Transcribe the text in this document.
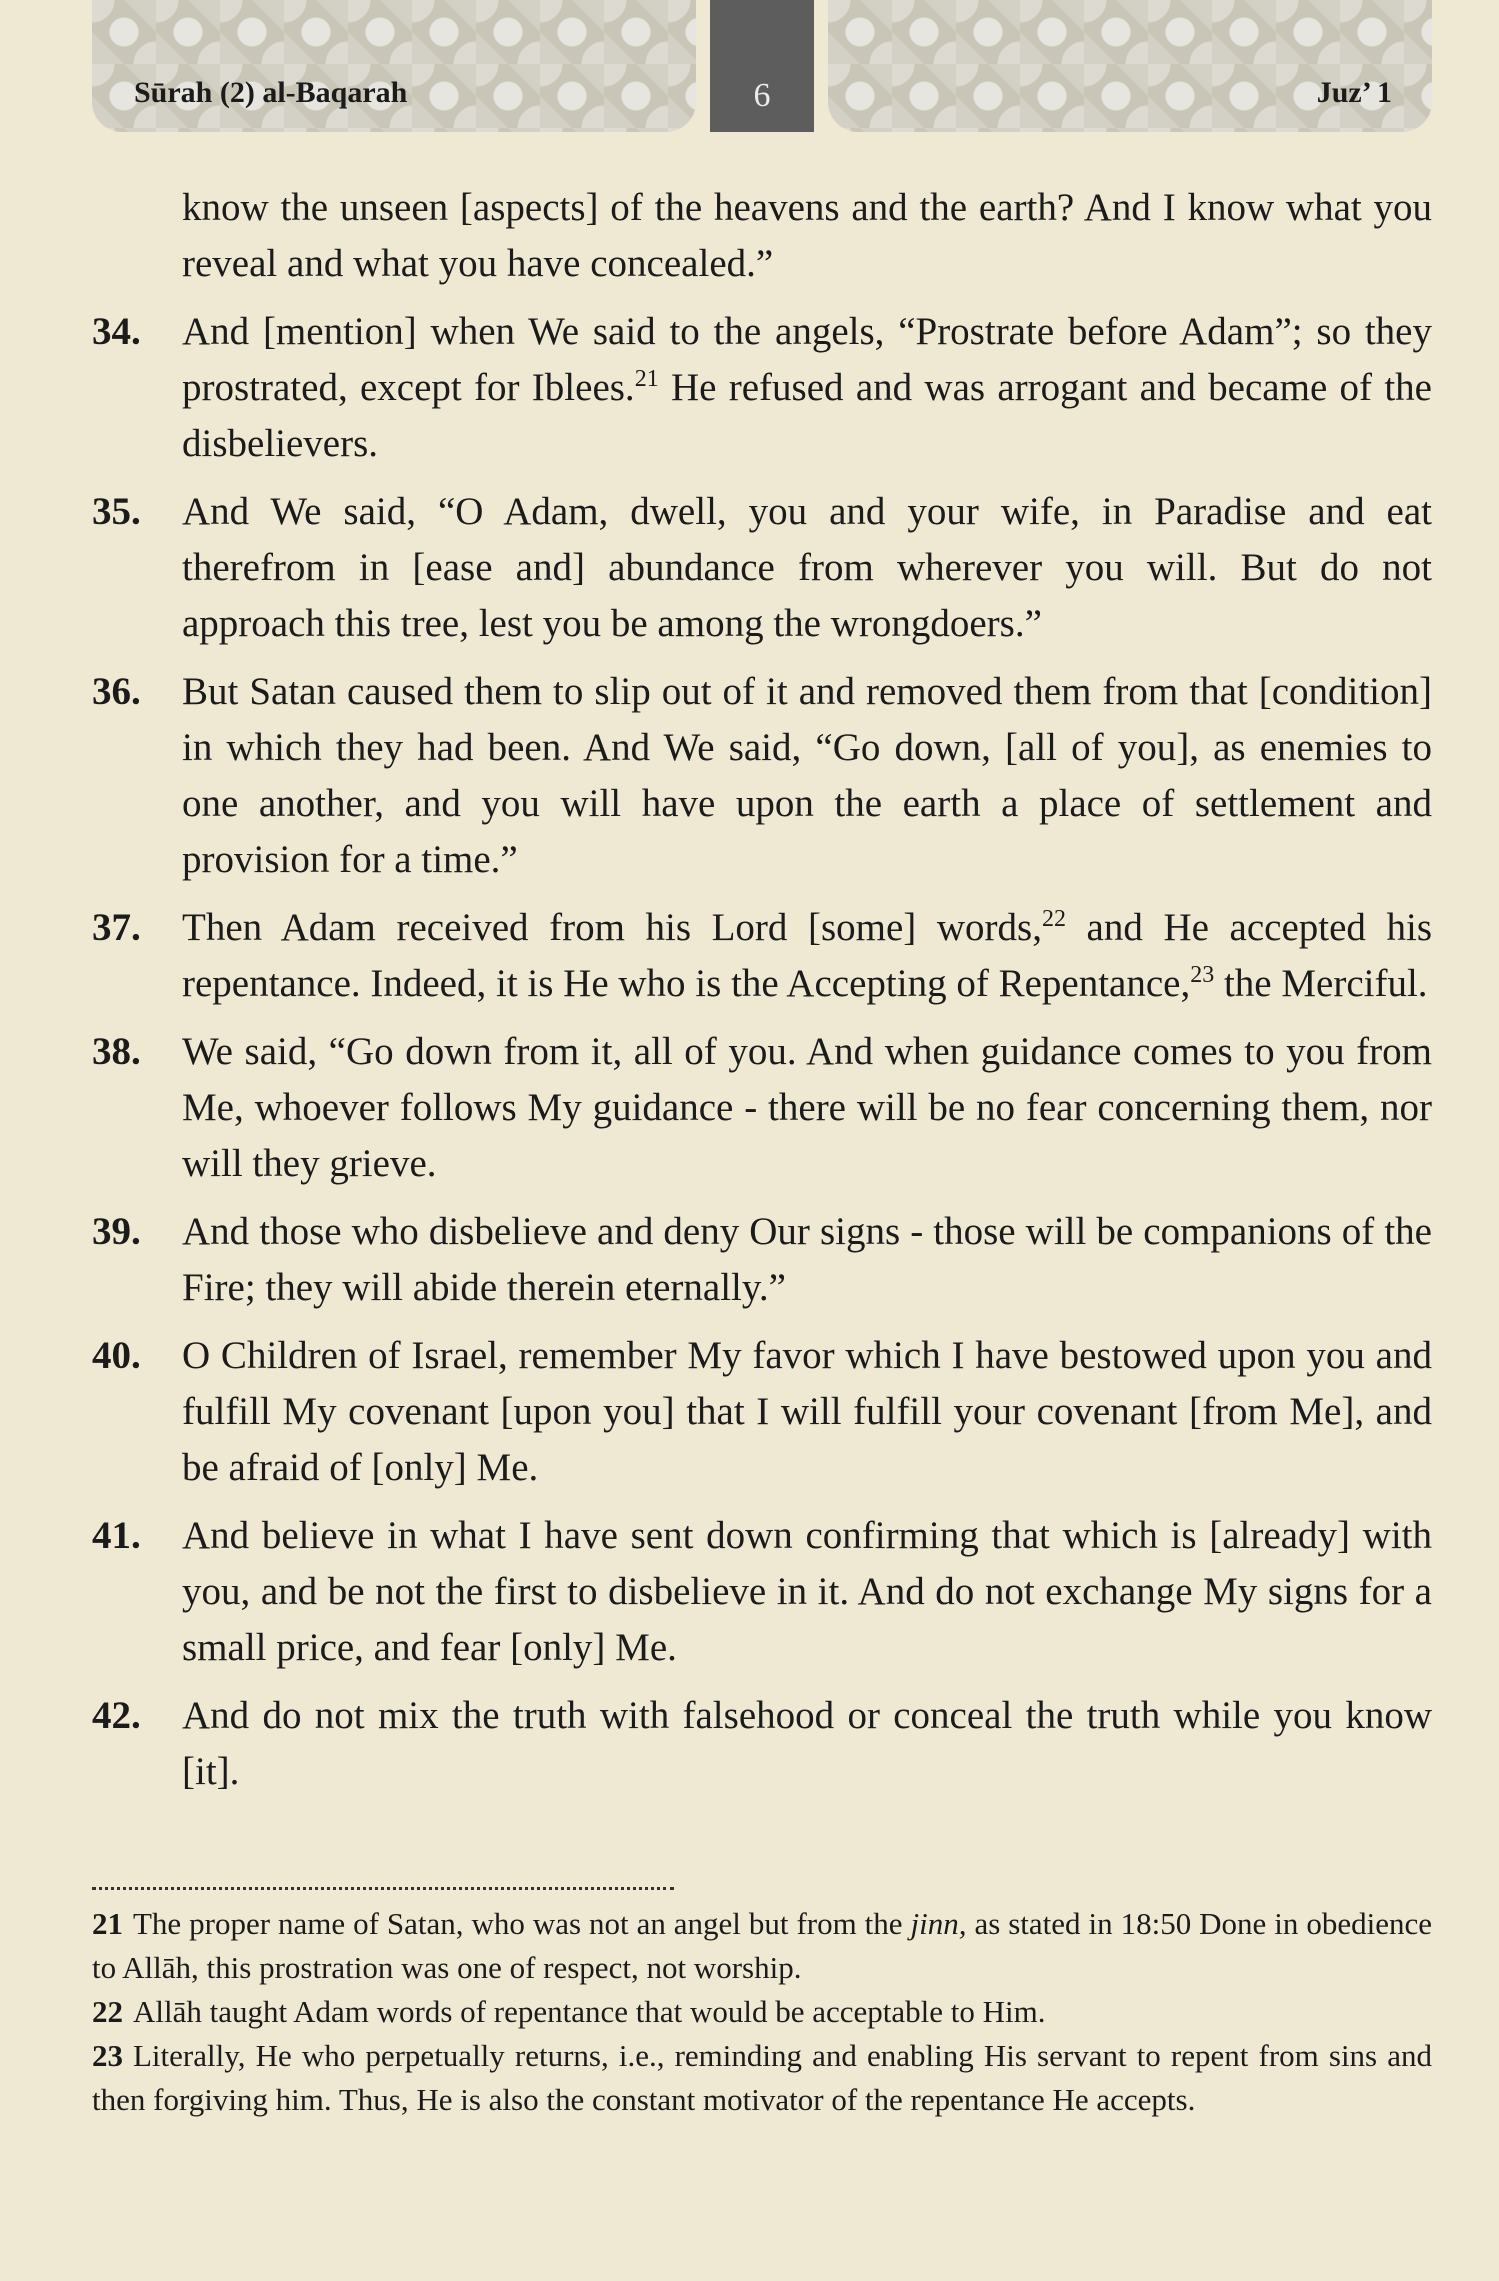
Sūrah (2) al-Baqarah	6	Juz’ 1
know the unseen [aspects] of the heavens and the earth? And I know what you reveal and what you have concealed.”
34. And [mention] when We said to the angels, “Prostrate before Adam”; so they prostrated, except for Iblees.$^{21}$ He refused and was arrogant and became of the disbelievers.
35. And We said, “O Adam, dwell, you and your wife, in Paradise and eat therefrom in [ease and] abundance from wherever you will. But do not approach this tree, lest you be among the wrongdoers.”
36. But Satan caused them to slip out of it and removed them from that [condition] in which they had been. And We said, “Go down, [all of you], as enemies to one another, and you will have upon the earth a place of settlement and provision for a time.”
37. Then Adam received from his Lord [some] words,$^{22}$ and He accepted his repentance. Indeed, it is He who is the Accepting of Repentance,$^{23}$ the Merciful.
38. We said, “Go down from it, all of you. And when guidance comes to you from Me, whoever follows My guidance - there will be no fear concerning them, nor will they grieve.
39. And those who disbelieve and deny Our signs - those will be companions of the Fire; they will abide therein eternally.”
40. O Children of Israel, remember My favor which I have bestowed upon you and fulfill My covenant [upon you] that I will fulfill your covenant [from Me], and be afraid of [only] Me.
41. And believe in what I have sent down confirming that which is [already] with you, and be not the first to disbelieve in it. And do not exchange My signs for a small price, and fear [only] Me.
42. And do not mix the truth with falsehood or conceal the truth while you know [it].

21 The proper name of Satan, who was not an angel but from the jinn, as stated in 18:50 Done in obedience to Allāh, this prostration was one of respect, not worship.

22 Allāh taught Adam words of repentance that would be acceptable to Him.

23 Literally, He who perpetually returns, i.e., reminding and enabling His servant to repent from sins and then forgiving him. Thus, He is also the constant motivator of the repentance He accepts.
